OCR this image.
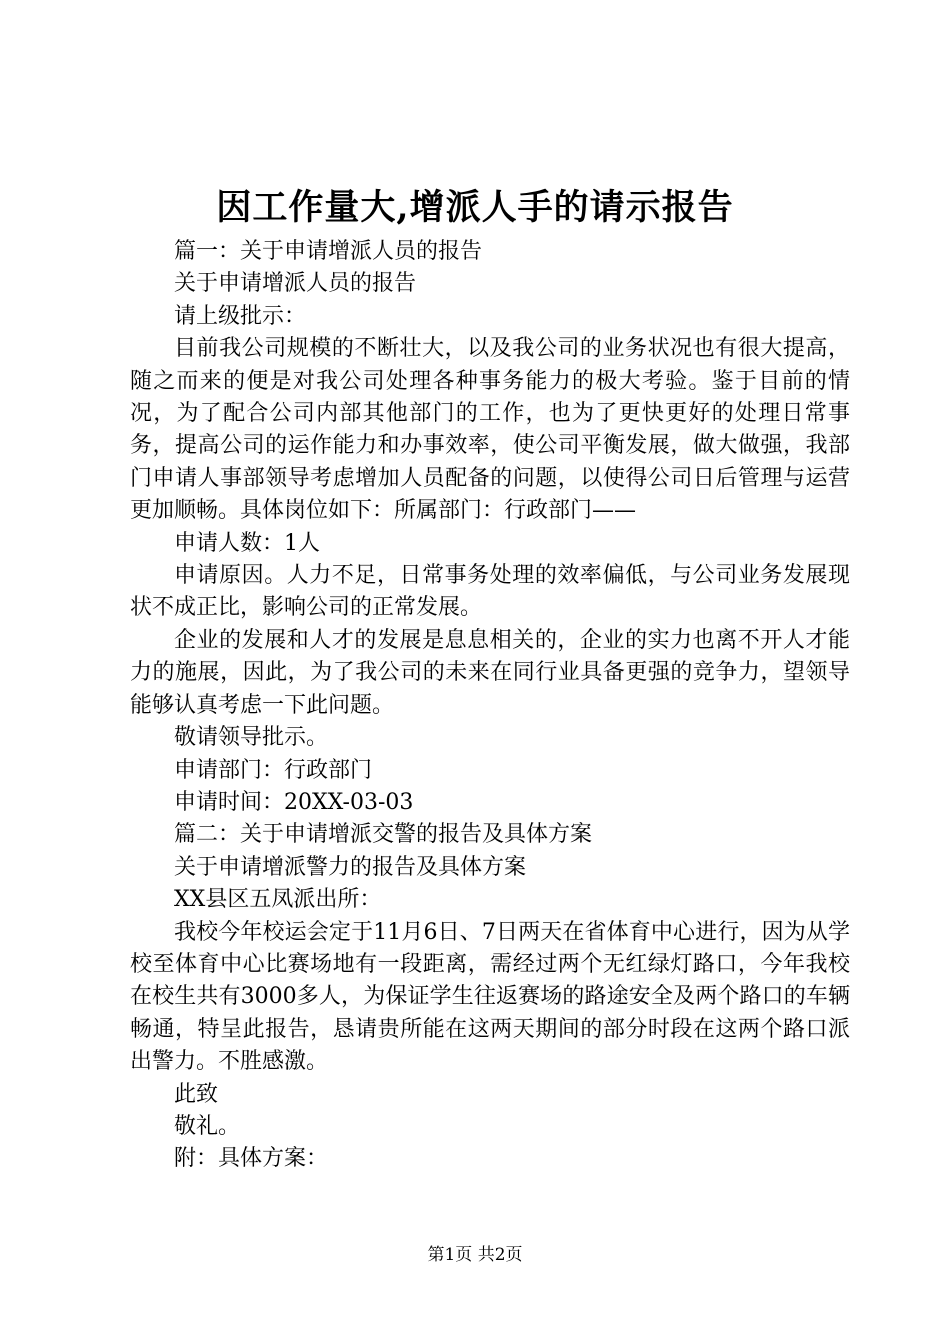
因工作量大,增派人手的请示报告

篇一：关于申请增派人员的报告

关于申请增派人员的报告

请上级批示：

目前我公司规模的不断壮大，以及我公司的业务状况也有很大提高，随之而来的便是对我公司处理各种事务能力的极大考验。鉴于目前的情况，为了配合公司内部其他部门的工作，也为了更快更好的处理日常事务，提高公司的运作能力和办事效率，使公司平衡发展，做大做强，我部门申请人事部领导考虑增加人员配备的问题，以使得公司日后管理与运营更加顺畅。具体岗位如下：所属部门：行政部门——

申请人数：1人

申请原因。人力不足，日常事务处理的效率偏低，与公司业务发展现状不成正比，影响公司的正常发展。

企业的发展和人才的发展是息息相关的，企业的实力也离不开人才能力的施展，因此，为了我公司的未来在同行业具备更强的竞争力，望领导能够认真考虑一下此问题。

敬请领导批示。

申请部门：行政部门

申请时间：20XX-03-03

篇二：关于申请增派交警的报告及具体方案

关于申请增派警力的报告及具体方案

XX县区五凤派出所：

我校今年校运会定于11月6日、7日两天在省体育中心进行，因为从学校至体育中心比赛场地有一段距离，需经过两个无红绿灯路口，今年我校在校生共有3000多人，为保证学生往返赛场的路途安全及两个路口的车辆畅通，特呈此报告，恳请贵所能在这两天期间的部分时段在这两个路口派出警力。不胜感激。

此致

敬礼。

附：具体方案：

第1页 共2页
